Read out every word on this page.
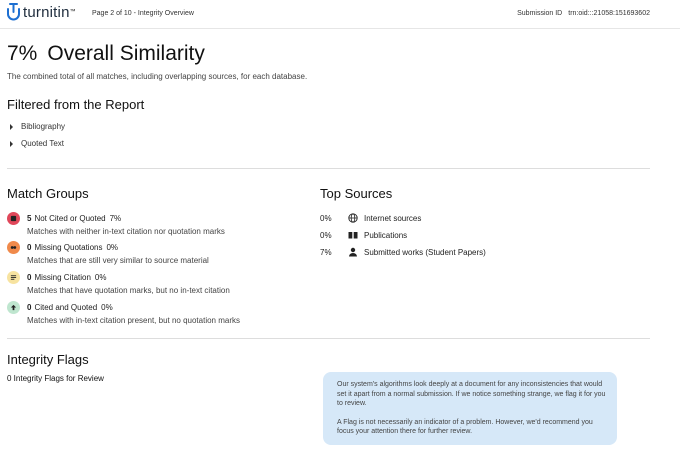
turnitin ™ Page 2 of 10 - Integrity Overview	Submission ID trn:oid:::21058:151693602
7% Overall Similarity
The combined total of all matches, including overlapping sources, for each database.
Filtered from the Report
Bibliography
Quoted Text
Match Groups
5 Not Cited or Quoted 7%
Matches with neither in-text citation nor quotation marks
0 Missing Quotations 0%
Matches that are still very similar to source material
0 Missing Citation 0%
Matches that have quotation marks, but no in-text citation
0 Cited and Quoted 0%
Matches with in-text citation present, but no quotation marks
Top Sources
0%	Internet sources
0%	Publications
7%	Submitted works (Student Papers)
Integrity Flags
0 Integrity Flags for Review

Our system's algorithms look deeply at a document for any inconsistencies that would set it apart from a normal submission. If we notice something strange, we flag it for you to review.

A Flag is not necessarily an indicator of a problem. However, we'd recommend you focus your attention there for further review.
